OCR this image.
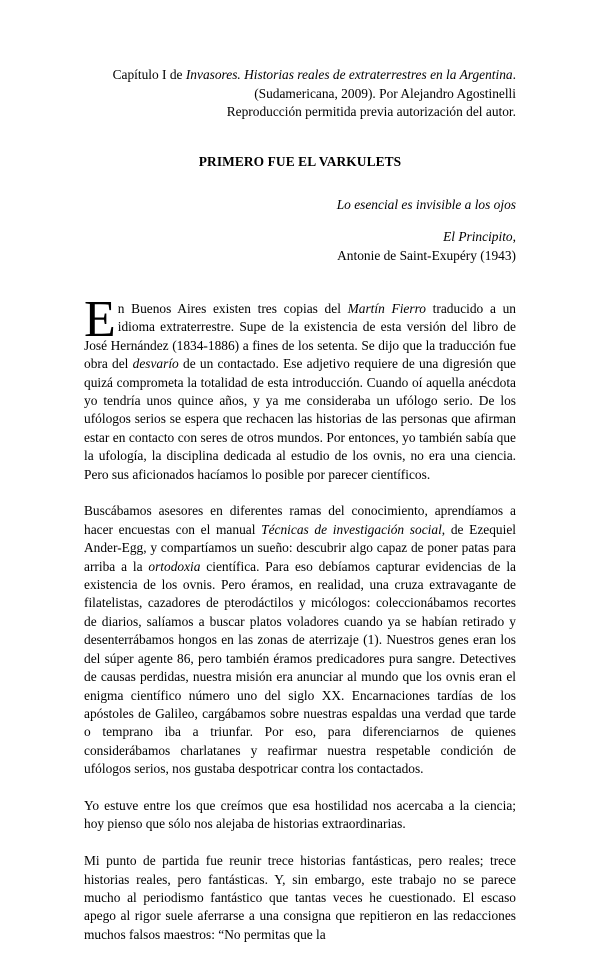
Capítulo I de Invasores. Historias reales de extraterrestres en la Argentina.
(Sudamericana, 2009). Por Alejandro Agostinelli
Reproducción permitida previa autorización del autor.
PRIMERO FUE EL VARKULETS
Lo esencial es invisible a los ojos
El Principito,
Antonie de Saint-Exupéry (1943)

En Buenos Aires existen tres copias del Martín Fierro traducido a un idioma extraterrestre. Supe de la existencia de esta versión del libro de José Hernández (1834-1886) a fines de los setenta. Se dijo que la traducción fue obra del desvarío de un contactado. Ese adjetivo requiere de una digresión que quizá comprometa la totalidad de esta introducción. Cuando oí aquella anécdota yo tendría unos quince años, y ya me consideraba un ufólogo serio. De los ufólogos serios se espera que rechacen las historias de las personas que afirman estar en contacto con seres de otros mundos. Por entonces, yo también sabía que la ufología, la disciplina dedicada al estudio de los ovnis, no era una ciencia. Pero sus aficionados hacíamos lo posible por parecer científicos.

Buscábamos asesores en diferentes ramas del conocimiento, aprendíamos a hacer encuestas con el manual Técnicas de investigación social, de Ezequiel Ander-Egg, y compartíamos un sueño: descubrir algo capaz de poner patas para arriba a la ortodoxia científica. Para eso debíamos capturar evidencias de la existencia de los ovnis. Pero éramos, en realidad, una cruza extravagante de filatelistas, cazadores de pterodáctilos y micólogos: coleccionábamos recortes de diarios, salíamos a buscar platos voladores cuando ya se habían retirado y desenterrábamos hongos en las zonas de aterrizaje (1). Nuestros genes eran los del súper agente 86, pero también éramos predicadores pura sangre. Detectives de causas perdidas, nuestra misión era anunciar al mundo que los ovnis eran el enigma científico número uno del siglo XX. Encarnaciones tardías de los apóstoles de Galileo, cargábamos sobre nuestras espaldas una verdad que tarde o temprano iba a triunfar. Por eso, para diferenciarnos de quienes considerábamos charlatanes y reafirmar nuestra respetable condición de ufólogos serios, nos gustaba despotricar contra los contactados.

Yo estuve entre los que creímos que esa hostilidad nos acercaba a la ciencia; hoy pienso que sólo nos alejaba de historias extraordinarias.

Mi punto de partida fue reunir trece historias fantásticas, pero reales; trece historias reales, pero fantásticas. Y, sin embargo, este trabajo no se parece mucho al periodismo fantástico que tantas veces he cuestionado. El escaso apego al rigor suele aferrarse a una consigna que repitieron en las redacciones muchos falsos maestros: “No permitas que la
